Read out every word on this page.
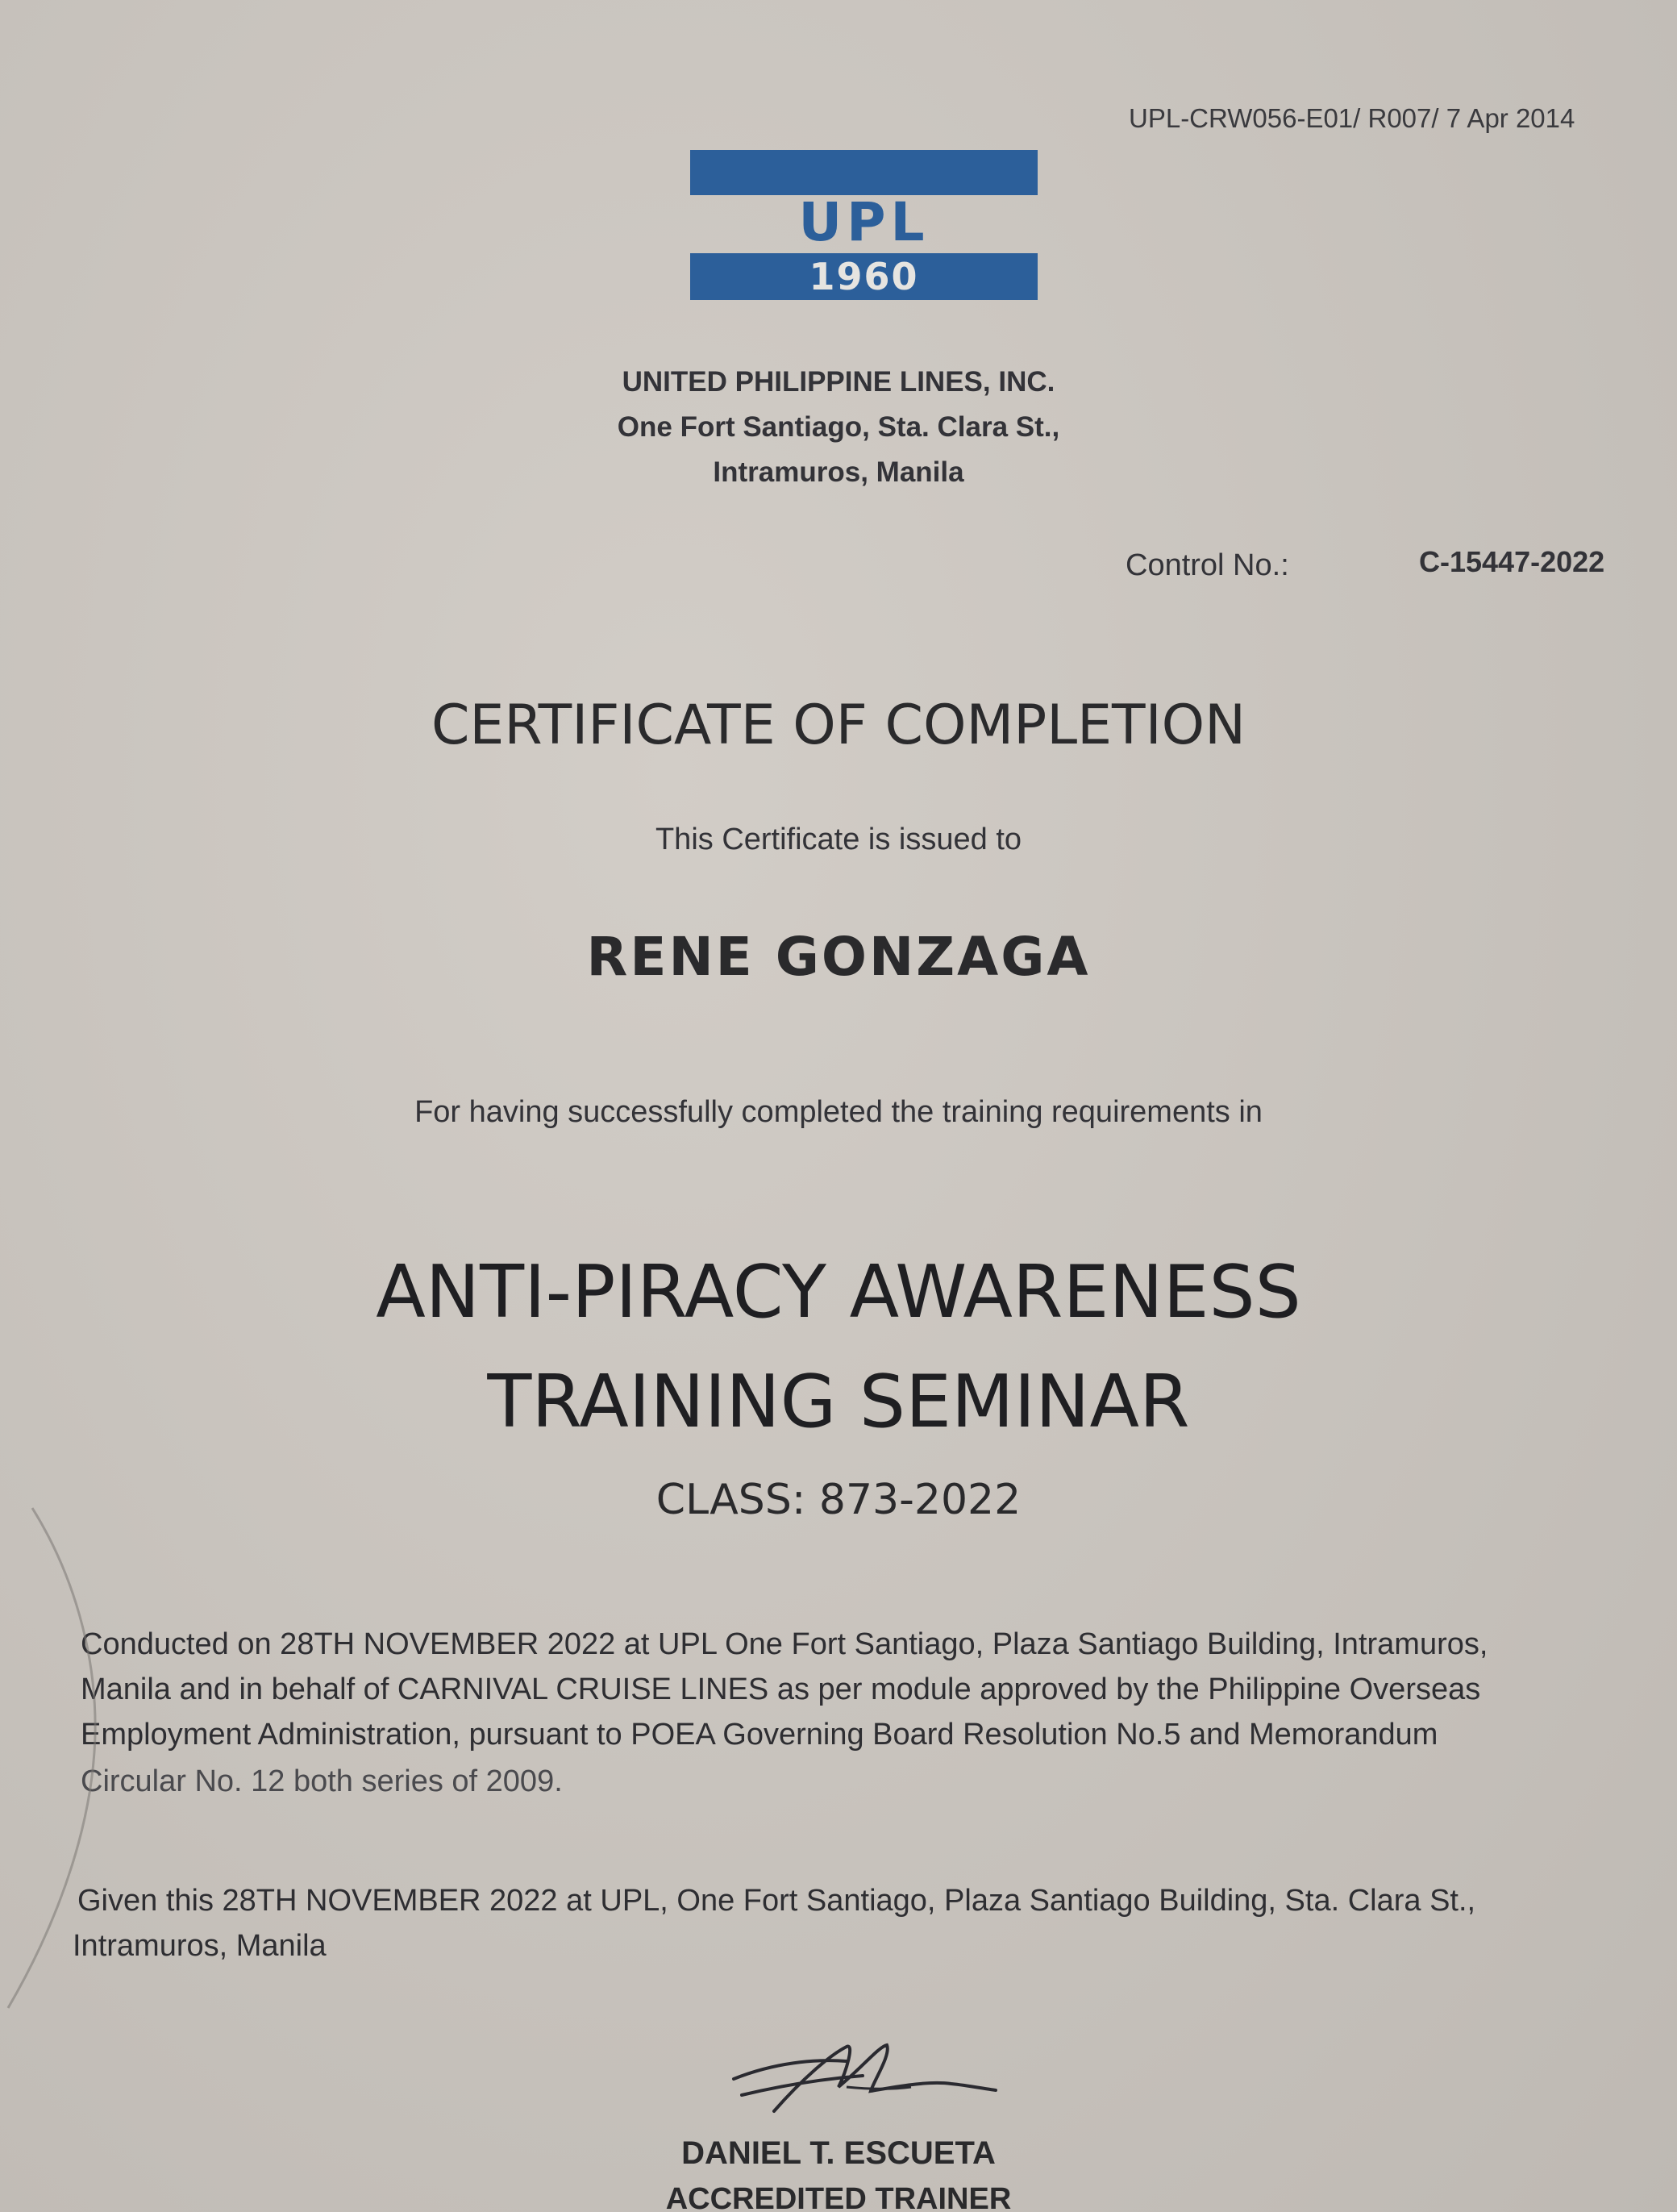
UPL-CRW056-E01/ R007/ 7 Apr 2014
UPL
1960
UNITED PHILIPPINE LINES, INC.
One Fort Santiago, Sta. Clara St.,
Intramuros, Manila
Control No.:	C-15447-2022
CERTIFICATE OF COMPLETION
This Certificate is issued to
RENE GONZAGA
For having successfully completed the training requirements in
ANTI-PIRACY AWARENESS
TRAINING SEMINAR
CLASS: 873-2022
Conducted on 28TH NOVEMBER 2022 at UPL One Fort Santiago, Plaza Santiago Building, Intramuros,
Manila and in behalf of CARNIVAL CRUISE LINES as per module approved by the Philippine Overseas
Employment Administration, pursuant to POEA Governing Board Resolution No.5 and Memorandum
Circular No. 12 both series of 2009.
Given this 28TH NOVEMBER 2022 at UPL, One Fort Santiago, Plaza Santiago Building, Sta. Clara St.,
Intramuros, Manila
DANIEL T. ESCUETA
ACCREDITED TRAINER
